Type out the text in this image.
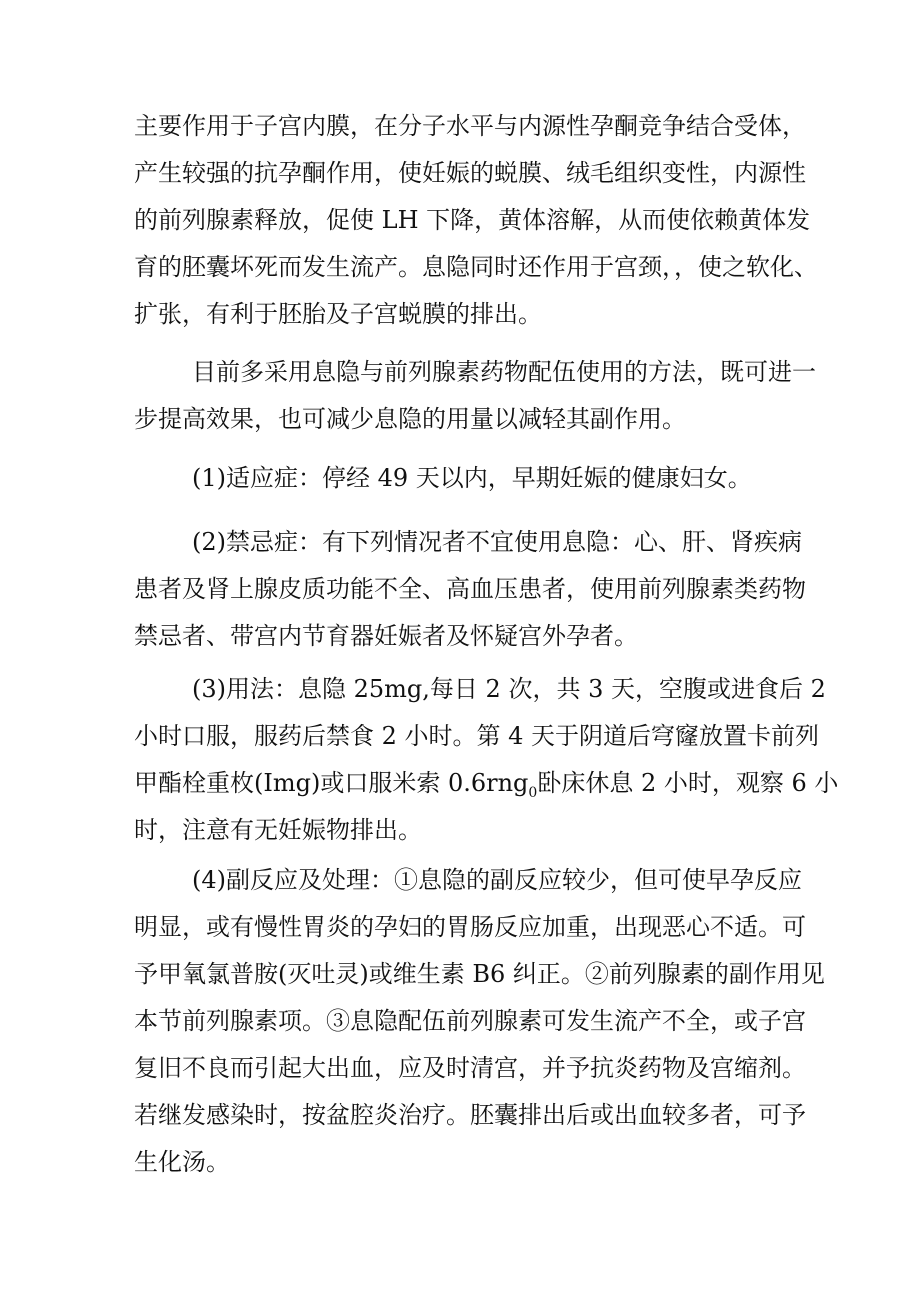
主要作用于子宫内膜，在分子水平与内源性孕酮竞争结合受体，
产生较强的抗孕酮作用，使妊娠的蜕膜、绒毛组织变性，内源性
的前列腺素释放，促使 LH 下降，黄体溶解，从而使依赖黄体发
育的胚囊坏死而发生流产。息隐同时还作用于宫颈，，使之软化、
扩张，有利于胚胎及子宫蜕膜的排出。
目前多采用息隐与前列腺素药物配伍使用的方法，既可进一
步提高效果，也可减少息隐的用量以减轻其副作用。
(1)适应症：停经 49 天以内，早期妊娠的健康妇女。
(2)禁忌症：有下列情况者不宜使用息隐：心、肝、肾疾病
患者及肾上腺皮质功能不全、高血压患者，使用前列腺素类药物
禁忌者、带宫内节育器妊娠者及怀疑宫外孕者。
(3)用法：息隐 25mg,每日 2 次，共 3 天，空腹或进食后 2
小时口服，服药后禁食 2 小时。第 4 天于阴道后穹窿放置卡前列
甲酯栓重枚(Img)或口服米索 0.6rng$_0$卧床休息 2 小时，观察 6 小
时，注意有无妊娠物排出。
(4)副反应及处理：①息隐的副反应较少，但可使早孕反应
明显，或有慢性胃炎的孕妇的胃肠反应加重，出现恶心不适。可
予甲氧氯普胺(灭吐灵)或维生素 B6 纠正。②前列腺素的副作用见
本节前列腺素项。③息隐配伍前列腺素可发生流产不全，或子宫
复旧不良而引起大出血，应及时清宫，并予抗炎药物及宫缩剂。
若继发感染时，按盆腔炎治疗。胚囊排出后或出血较多者，可予
生化汤。
